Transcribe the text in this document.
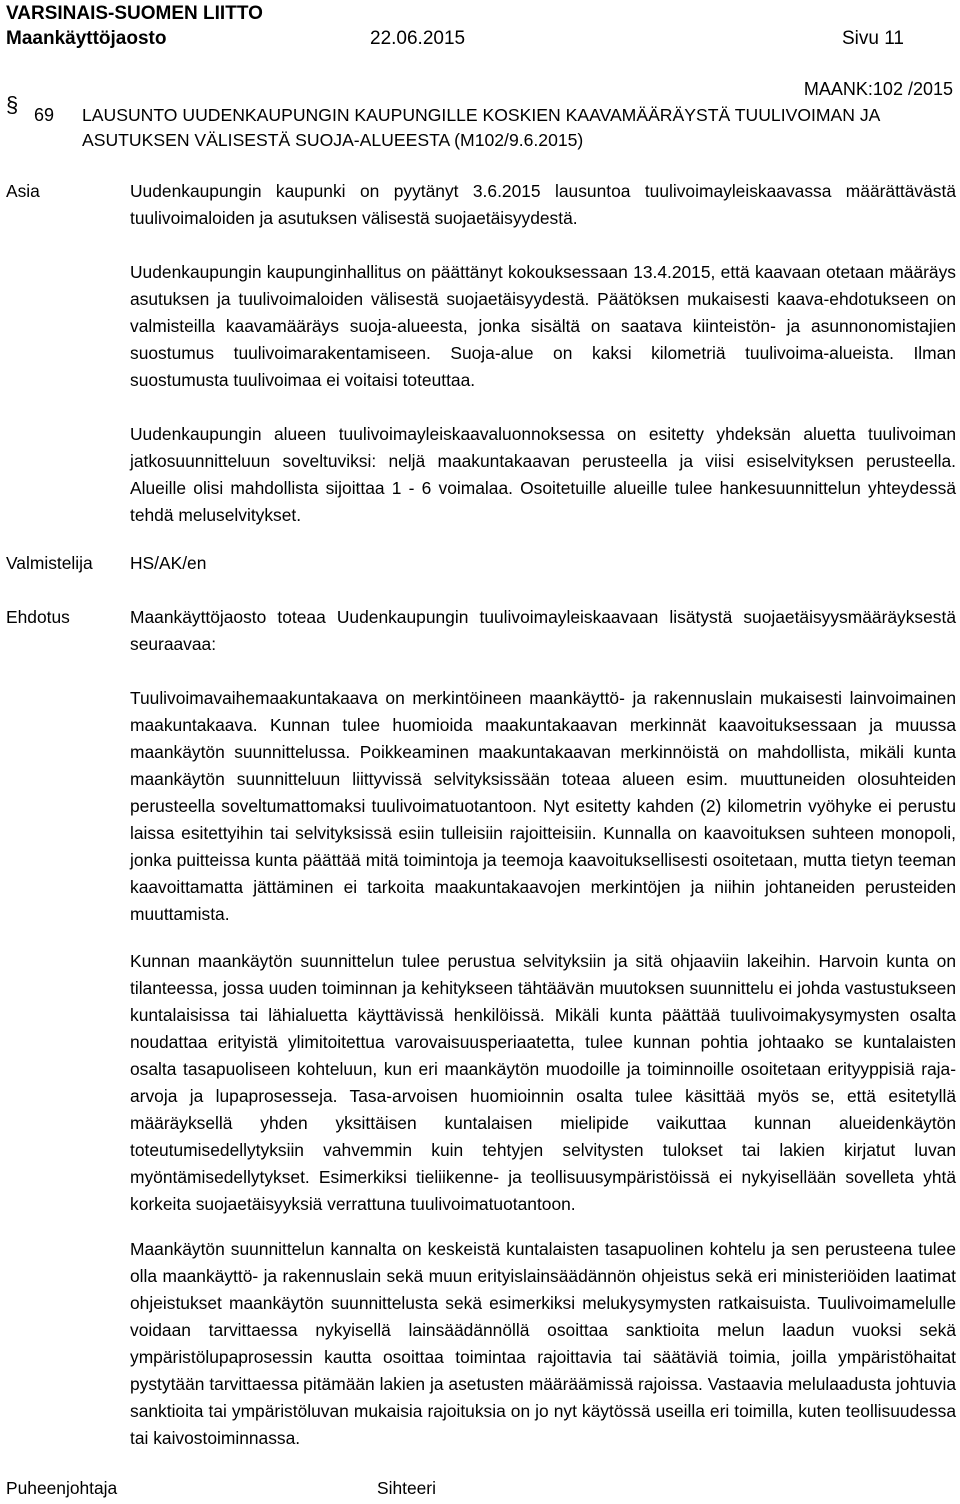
VARSINAIS-SUOMEN LIITTO
Maankäyttöjaosto	22.06.2015	Sivu 11
MAANK:102 /2015
§ 69 LAUSUNTO UUDENKAUPUNGIN KAUPUNGILLE KOSKIEN KAAVAMÄÄRÄYSTÄ TUULIVOIMAN JA ASUTUKSEN VÄLISESTÄ SUOJA-ALUEESTA (M102/9.6.2015)
Asia	Uudenkaupungin kaupunki on pyytänyt 3.6.2015 lausuntoa tuulivoimayleiskaavassa määrättävästä tuulivoimaloiden ja asutuksen välisestä suojaetäisyydestä.

Uudenkaupungin kaupunginhallitus on päättänyt kokouksessaan 13.4.2015, että kaavaan otetaan määräys asutuksen ja tuulivoimaloiden välisestä suojaetäisyydestä. Päätöksen mukaisesti kaava-ehdotukseen on valmisteilla kaavamääräys suoja-alueesta, jonka sisältä on saatava kiinteistön- ja asunnonomistajien suostumus tuulivoimarakentamiseen. Suoja-alue on kaksi kilometriä tuulivoima-alueista. Ilman suostumusta tuulivoimaa ei voitaisi toteuttaa.

Uudenkaupungin alueen tuulivoimayleiskaavaluonnoksessa on esitetty yhdeksän aluetta tuulivoiman jatkosuunnitteluun soveltuviksi: neljä maakuntakaavan perusteella ja viisi esiselvityksen perusteella. Alueille olisi mahdollista sijoittaa 1 - 6 voimalaa. Osoitetuille alueille tulee hankesuunnittelun yhteydessä tehdä meluselvitykset.

Valmistelija HS/AK/en
Ehdotus	Maankäyttöjaosto toteaa Uudenkaupungin tuulivoimayleiskaavaan lisätystä suojaetäisyysmääräyksestä seuraavaa:

Tuulivoimavaihemaakuntakaava on merkintöineen maankäyttö- ja rakennuslain mukaisesti lainvoimainen maakuntakaava. Kunnan tulee huomioida maakuntakaavan merkinnät kaavoituksessaan ja muussa maankäytön suunnittelussa. Poikkeaminen maakuntakaavan merkinnöistä on mahdollista, mikäli kunta maankäytön suunnitteluun liittyvissä selvityksissään toteaa alueen esim. muuttuneiden olosuhteiden perusteella soveltumattomaksi tuulivoimatuotantoon. Nyt esitetty kahden (2) kilometrin vyöhyke ei perustu laissa esitettyihin tai selvityksissä esiin tulleisiin rajoitteisiin. Kunnalla on kaavoituksen suhteen monopoli, jonka puitteissa kunta päättää mitä toimintoja ja teemoja kaavoituksellisesti osoitetaan, mutta tietyn teeman kaavoittamatta jättäminen ei tarkoita maakuntakaavojen merkintöjen ja niihin johtaneiden perusteiden muuttamista.

Kunnan maankäytön suunnittelun tulee perustua selvityksiin ja sitä ohjaaviin lakeihin. Harvoin kunta on tilanteessa, jossa uuden toiminnan ja kehitykseen tähtäävän muutoksen suunnittelu ei johda vastustukseen kuntalaisissa tai lähialuetta käyttävissä henkilöissä. Mikäli kunta päättää tuulivoimakysymysten osalta noudattaa erityistä ylimitoitettua varovaisuusperiaatetta, tulee kunnan pohtia johtaako se kuntalaisten osalta tasapuoliseen kohteluun, kun eri maankäytön muodoille ja toiminnoille osoitetaan erityyppisiä raja-arvoja ja lupaprosesseja. Tasa-arvoisen huomioinnin osalta tulee käsittää myös se, että esitetyllä määräyksellä yhden yksittäisen kuntalaisen mielipide vaikuttaa kunnan alueidenkäytön toteutumisedellytyksiin vahvemmin kuin tehtyjen selvitysten tulokset tai lakien kirjatut luvan myöntämisedellytykset. Esimerkiksi tieliikenne- ja teollisuusympäristöissä ei nykyisellään sovelleta yhtä korkeita suojaetäisyyksiä verrattuna tuulivoimatuotantoon.

Maankäytön suunnittelun kannalta on keskeistä kuntalaisten tasapuolinen kohtelu ja sen perusteena tulee olla maankäyttö- ja rakennuslain sekä muun erityislainsäädännön ohjeistus sekä eri ministeriöiden laatimat ohjeistukset maankäytön suunnittelusta sekä esimerkiksi melukysymysten ratkaisuista. Tuulivoimamelulle voidaan tarvittaessa nykyisellä lainsäädännöllä osoittaa sanktioita melun laadun vuoksi sekä ympäristölupaprosessin kautta osoittaa toimintaa rajoittavia tai säätäviä toimia, joilla ympäristöhaitat pystytään tarvittaessa pitämään lakien ja asetusten määräämissä rajoissa. Vastaavia melulaadusta johtuvia sanktioita tai ympäristöluvan mukaisia rajoituksia on jo nyt käytössä useilla eri toimilla, kuten teollisuudessa tai kaivostoiminnassa.

Puheenjohtaja	Sihteeri
